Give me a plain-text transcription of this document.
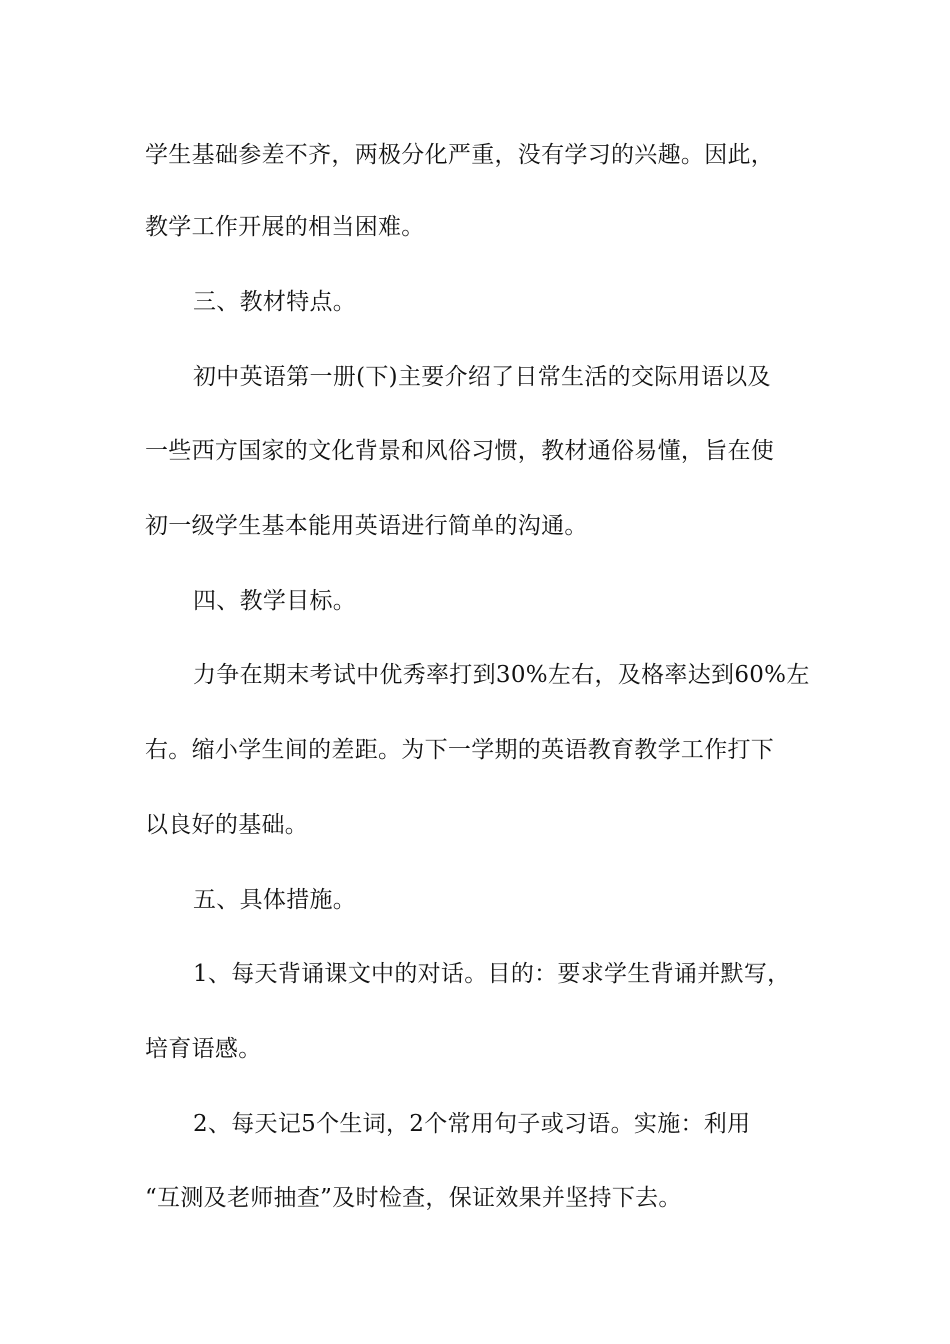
学生基础参差不齐，两极分化严重，没有学习的兴趣。因此，
教学工作开展的相当困难。
三、教材特点。
初中英语第一册(下)主要介绍了日常生活的交际用语以及
一些西方国家的文化背景和风俗习惯，教材通俗易懂，旨在使
初一级学生基本能用英语进行简单的沟通。
四、教学目标。
力争在期末考试中优秀率打到30%左右，及格率达到60%左
右。缩小学生间的差距。为下一学期的英语教育教学工作打下
以良好的基础。
五、具体措施。
1、每天背诵课文中的对话。目的：要求学生背诵并默写，
培育语感。
2、每天记5个生词，2个常用句子或习语。实施：利用
“互测及老师抽查”及时检查，保证效果并坚持下去。
